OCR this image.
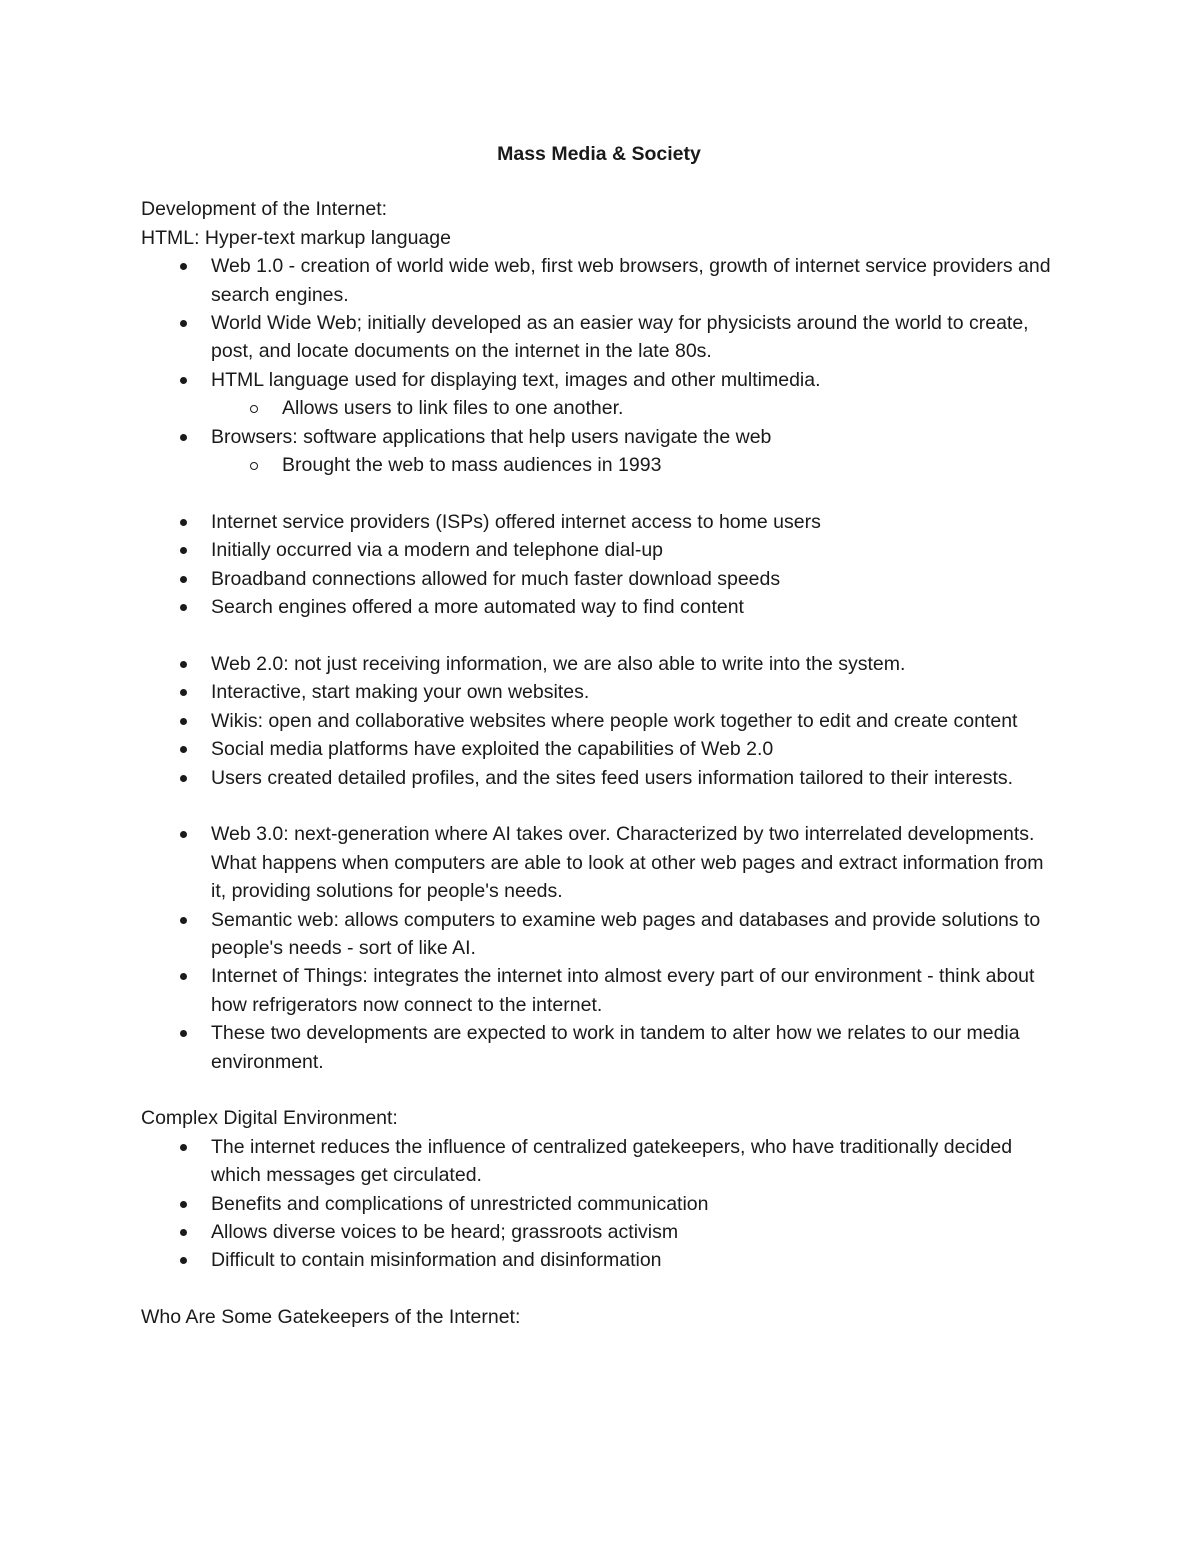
Mass Media & Society

Development of the Internet:

HTML: Hyper-text markup language

Web 1.0 - creation of world wide web, first web browsers, growth of internet service providers and search engines.
World Wide Web; initially developed as an easier way for physicists around the world to create, post, and locate documents on the internet in the late 80s.
HTML language used for displaying text, images and other multimedia.
Allows users to link files to one another.
Browsers: software applications that help users navigate the web
Brought the web to mass audiences in 1993
Internet service providers (ISPs) offered internet access to home users
Initially occurred via a modern and telephone dial-up
Broadband connections allowed for much faster download speeds
Search engines offered a more automated way to find content
Web 2.0: not just receiving information, we are also able to write into the system.
Interactive, start making your own websites.
Wikis: open and collaborative websites where people work together to edit and create content
Social media platforms have exploited the capabilities of Web 2.0
Users created detailed profiles, and the sites feed users information tailored to their interests.
Web 3.0: next-generation where AI takes over. Characterized by two interrelated developments. What happens when computers are able to look at other web pages and extract information from it, providing solutions for people's needs.
Semantic web: allows computers to examine web pages and databases and provide solutions to people's needs - sort of like AI.
Internet of Things: integrates the internet into almost every part of our environment - think about how refrigerators now connect to the internet.
These two developments are expected to work in tandem to alter how we relates to our media environment.

Complex Digital Environment:

The internet reduces the influence of centralized gatekeepers, who have traditionally decided which messages get circulated.
Benefits and complications of unrestricted communication
Allows diverse voices to be heard; grassroots activism
Difficult to contain misinformation and disinformation

Who Are Some Gatekeepers of the Internet:
